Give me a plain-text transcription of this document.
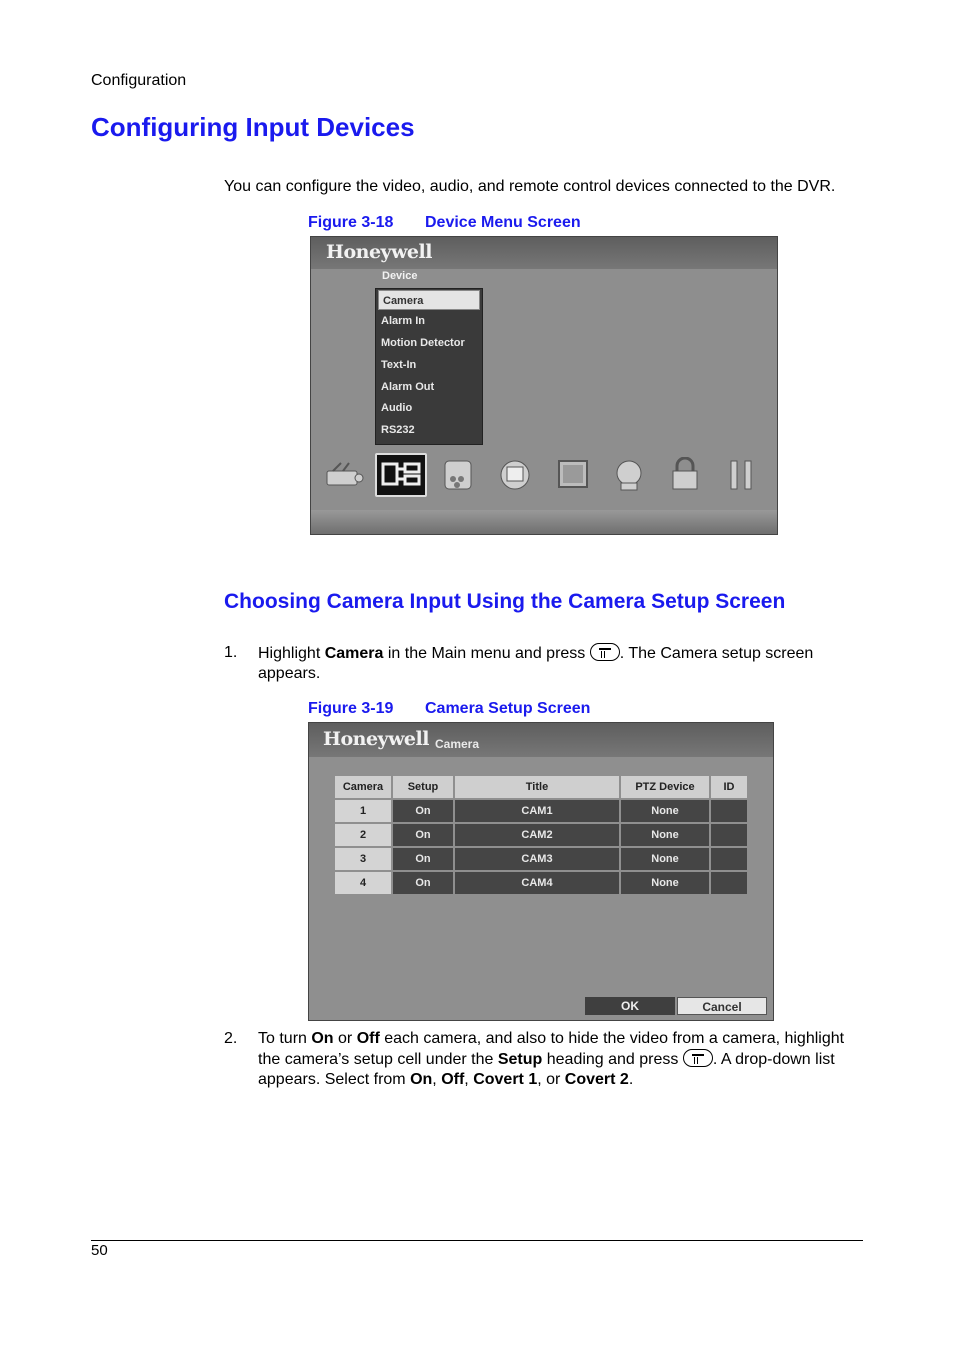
Configuration
Configuring Input Devices
You can configure the video, audio, and remote control devices connected to the DVR.
Figure 3-18 Device Menu Screen
Honeywell
Device
Camera
Alarm In
Motion Detector
Text-In
Alarm Out
Audio
RS232
Choosing Camera Input Using the Camera Setup Screen
1. Highlight Camera in the Main menu and press . The Camera setup screen appears.
Figure 3-19 Camera Setup Screen
Honeywell Camera
Camera	Setup	Title	PTZ Device	ID
1	On	CAM1	None
2	On	CAM2	None
3	On	CAM3	None
4	On	CAM4	None
OK	Cancel
2. To turn On or Off each camera, and also to hide the video from a camera, highlight the camera’s setup cell under the Setup heading and press . A drop-down list appears. Select from On, Off, Covert 1, or Covert 2.
50
